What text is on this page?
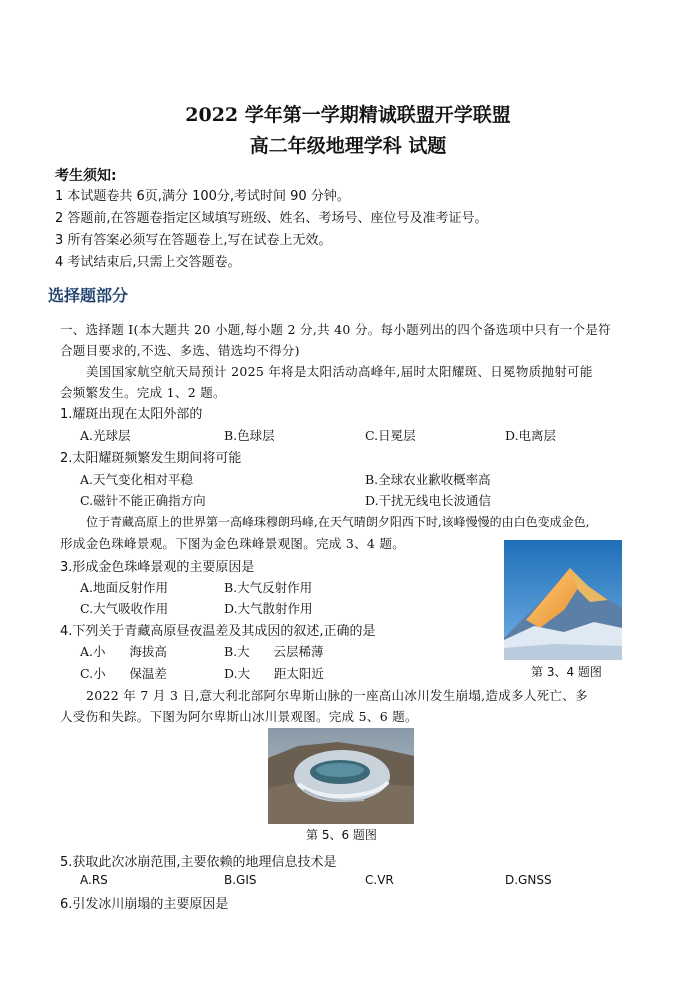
2022 学年第一学期精诚联盟开学联盟
高二年级地理学科 试题
考生须知:
1 本试题卷共 6页,满分 100分,考试时间 90 分钟。
2 答题前,在答题卷指定区域填写班级、姓名、考场号、座位号及准考证号。
3 所有答案必须写在答题卷上,写在试卷上无效。
4 考试结束后,只需上交答题卷。
选择题部分
一、选择题 I(本大题共 20 小题,每小题 2 分,共 40 分。每小题列出的四个备选项中只有一个是符
合题目要求的,不选、多选、错选均不得分)
美国国家航空航天局预计 2025 年将是太阳活动高峰年,届时太阳耀斑、日冕物质抛射可能
会频繁发生。完成 1、2 题。
1.耀斑出现在太阳外部的
A.光球层	B.色球层	C.日冕层	D.电离层
2.太阳耀斑频繁发生期间将可能
A.天气变化相对平稳	B.全球农业歉收概率高
C.磁针不能正确指方向	D.干扰无线电长波通信
位于青藏高原上的世界第一高峰珠穆朗玛峰,在天气晴朗夕阳西下时,该峰慢慢的由白色变成金色,
形成金色珠峰景观。下图为金色珠峰景观图。完成 3、4 题。
第 3、4 题图
3.形成金色珠峰景观的主要原因是
A.地面反射作用	B.大气反射作用
C.大气吸收作用	D.大气散射作用
4.下列关于青藏高原昼夜温差及其成因的叙述,正确的是
A.小      海拔高	B.大      云层稀薄
C.小      保温差	D.大      距太阳近
2022 年 7 月 3 日,意大利北部阿尔卑斯山脉的一座高山冰川发生崩塌,造成多人死亡、多
人受伤和失踪。下图为阿尔卑斯山冰川景观图。完成 5、6 题。
第 5、6 题图
5.获取此次冰崩范围,主要依赖的地理信息技术是
A.RS	B.GIS	C.VR	D.GNSS
6.引发冰川崩塌的主要原因是
